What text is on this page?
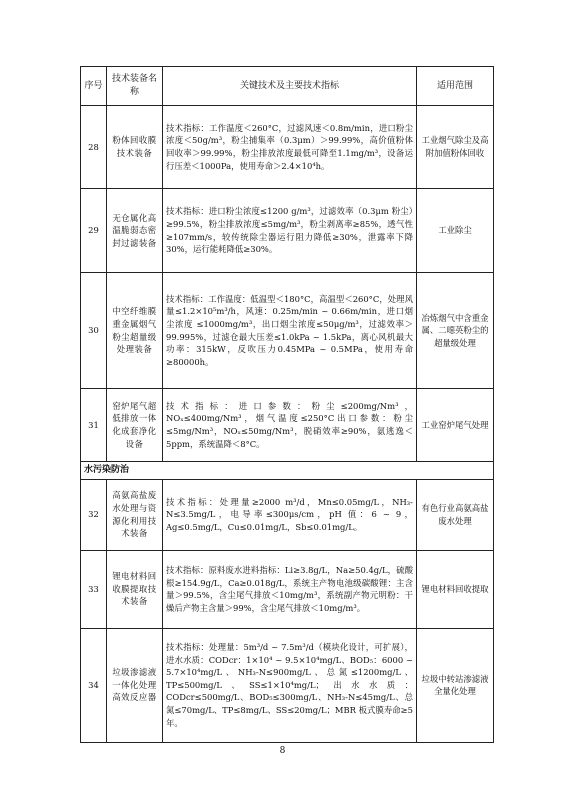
序号	技术装备名称	关键技术及主要技术指标	适用范围
28	粉体回收膜技术装备	技术指标：工作温度＜260°C，过滤风速＜0.8m/min，进口粉尘浓度＜50g/m³，粉尘捕集率（0.3μm）＞99.99%，高价值粉体回收率＞99.99%，粉尘排放浓度最低可降至1.1mg/m³，设备运行压差＜1000Pa，使用寿命＞2.4×10⁴h。	工业烟气除尘及高附加值粉体回收
29	无仓属化高温脆弱态密封过滤装备	技术指标：进口粉尘浓度≤1200 g/m³，过滤效率（0.3μm 粉尘）≥99.5%，粉尘排放浓度≤5mg/m³，粉尘剥离率≥85%，透气性≥107mm/s，较传统除尘器运行阻力降低≥30%，泄露率下降30%，运行能耗降低≥30%。	工业除尘
30	中空纤维膜重金属烟气粉尘超量级处理装备	技术指标：工作温度：低温型＜180°C，高温型＜260°C，处理风量≤1.2×10⁵m³/h，风速：0.25m/min ~ 0.66m/min，进口烟尘浓度 ≤1000mg/m³，出口烟尘浓度≤50μg/m³，过滤效率＞99.995%，过滤仓最大压差≤1.0kPa ~ 1.5kPa，离心风机最大功率：315kW，反吹压力0.45MPa ~ 0.5MPa，使用寿命≥80000h。	冶炼烟气中含重金属、二噁英粉尘的超量级处理
31	窑炉尾气超低排放一体化成套净化设备	技术指标：进口参数：粉尘≤200mg/Nm³，NOₓ≤400mg/Nm³，烟气温度≤250°C出口参数：粉尘≤5mg/Nm³，NOₓ≤50mg/Nm³，脱硝效率≥90%，氨逃逸＜5ppm，系统温降＜8°C。	工业窑炉尾气处理
水污染防治			
32	高氨高盐废水处理与资源化利用技术装备	技术指标：处理量≥2000 m³/d，Mn≤0.05mg/L，NH₃-N≤3.5mg/L，电导率≤300μs/cm，pH 值：6 ~ 9，Ag≤0.5mg/L，Cu≤0.01mg/L，Sb≤0.01mg/L。	有色行业高氨高盐废水处理
33	锂电材料回收膜提取技术装备	技术指标：原料废水进料指标：Li≥3.8g/L，Na≥50.4g/L，硫酸根≥154.9g/L，Ca≥0.018g/L，系统主产物电池级碳酸锂：主含量＞99.5%，含尘尾气排放＜10mg/m³，系统副产物元明粉：干燥后产物主含量＞99%，含尘尾气排放＜10mg/m³。	锂电材料回收提取
34	垃圾渗滤液一体化处理高效反应器	技术指标：处理量：5m³/d ~ 7.5m³/d（模块化设计，可扩展），进水水质：CODcr：1×10⁴ ~ 9.5×10⁴mg/L、BOD₅：6000 ~ 5.7×10⁴mg/L、NH₃-N≤900mg/L、总氮≤1200mg/L、TP≤500mg/L、SS≤1×10⁴mg/L；出水水质：CODcr≤500mg/L、BOD₅≤300mg/L、NH₃-N≤45mg/L、总氮≤70mg/L、TP≤8mg/L、SS≤20mg/L；MBR 板式膜寿命≥5 年。	垃圾中转站渗滤液全量化处理
8
